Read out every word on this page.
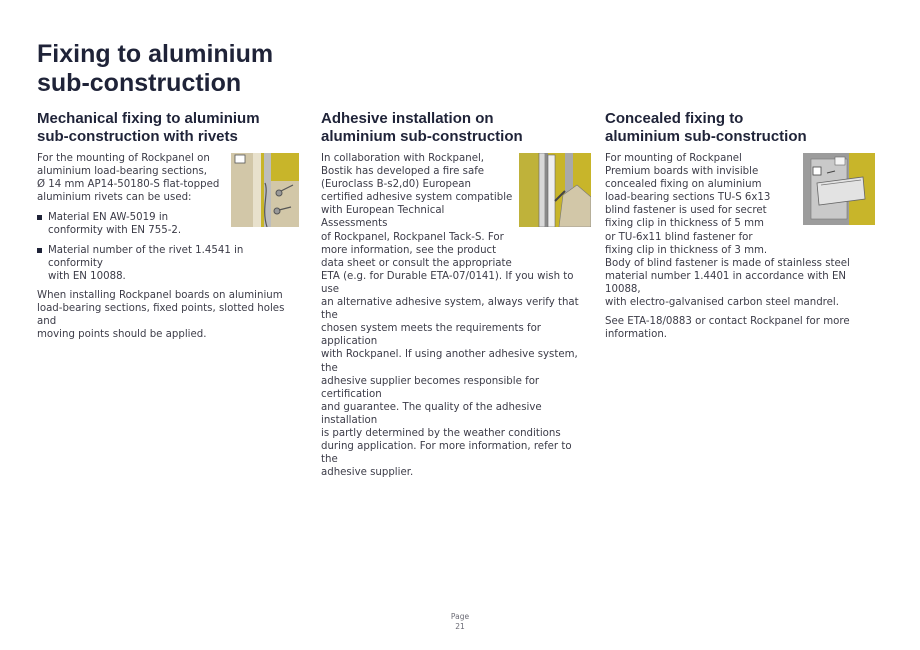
Fixing to aluminium
sub-construction
Mechanical fixing to aluminium
sub-construction with rivets

For the mounting of Rockpanel on
aluminium load-bearing sections,
Ø 14 mm AP14-50180-S flat-topped
aluminium rivets can be used:

Material EN AW-5019 in
conformity with EN 755-2.
Material number of the rivet 1.4541 in conformity
with EN 10088.

When installing Rockpanel boards on aluminium
load-bearing sections, fixed points, slotted holes and
moving points should be applied.

Adhesive installation on
aluminium sub-construction

In collaboration with Rockpanel,
Bostik has developed a fire safe
(Euroclass B-s2,d0) European
certified adhesive system compatible
with European Technical Assessments
of Rockpanel, Rockpanel Tack-S. For
more information, see the product
data sheet or consult the appropriate
ETA (e.g. for Durable ETA-07/0141). If you wish to use
an alternative adhesive system, always verify that the
chosen system meets the requirements for application
with Rockpanel. If using another adhesive system, the
adhesive supplier becomes responsible for certification
and guarantee. The quality of the adhesive installation
is partly determined by the weather conditions
during application. For more information, refer to the
adhesive supplier.

Concealed fixing to
aluminium sub-construction

For mounting of Rockpanel
Premium boards with invisible
concealed fixing on aluminium
load-bearing sections TU-S 6x13
blind fastener is used for secret
fixing clip in thickness of 5 mm
or TU-6x11 blind fastener for
fixing clip in thickness of 3 mm.
Body of blind fastener is made of stainless steel
material number 1.4401 in accordance with EN 10088,
with electro-galvanised carbon steel mandrel.

See ETA-18/0883 or contact Rockpanel for more
information.

Page
21
